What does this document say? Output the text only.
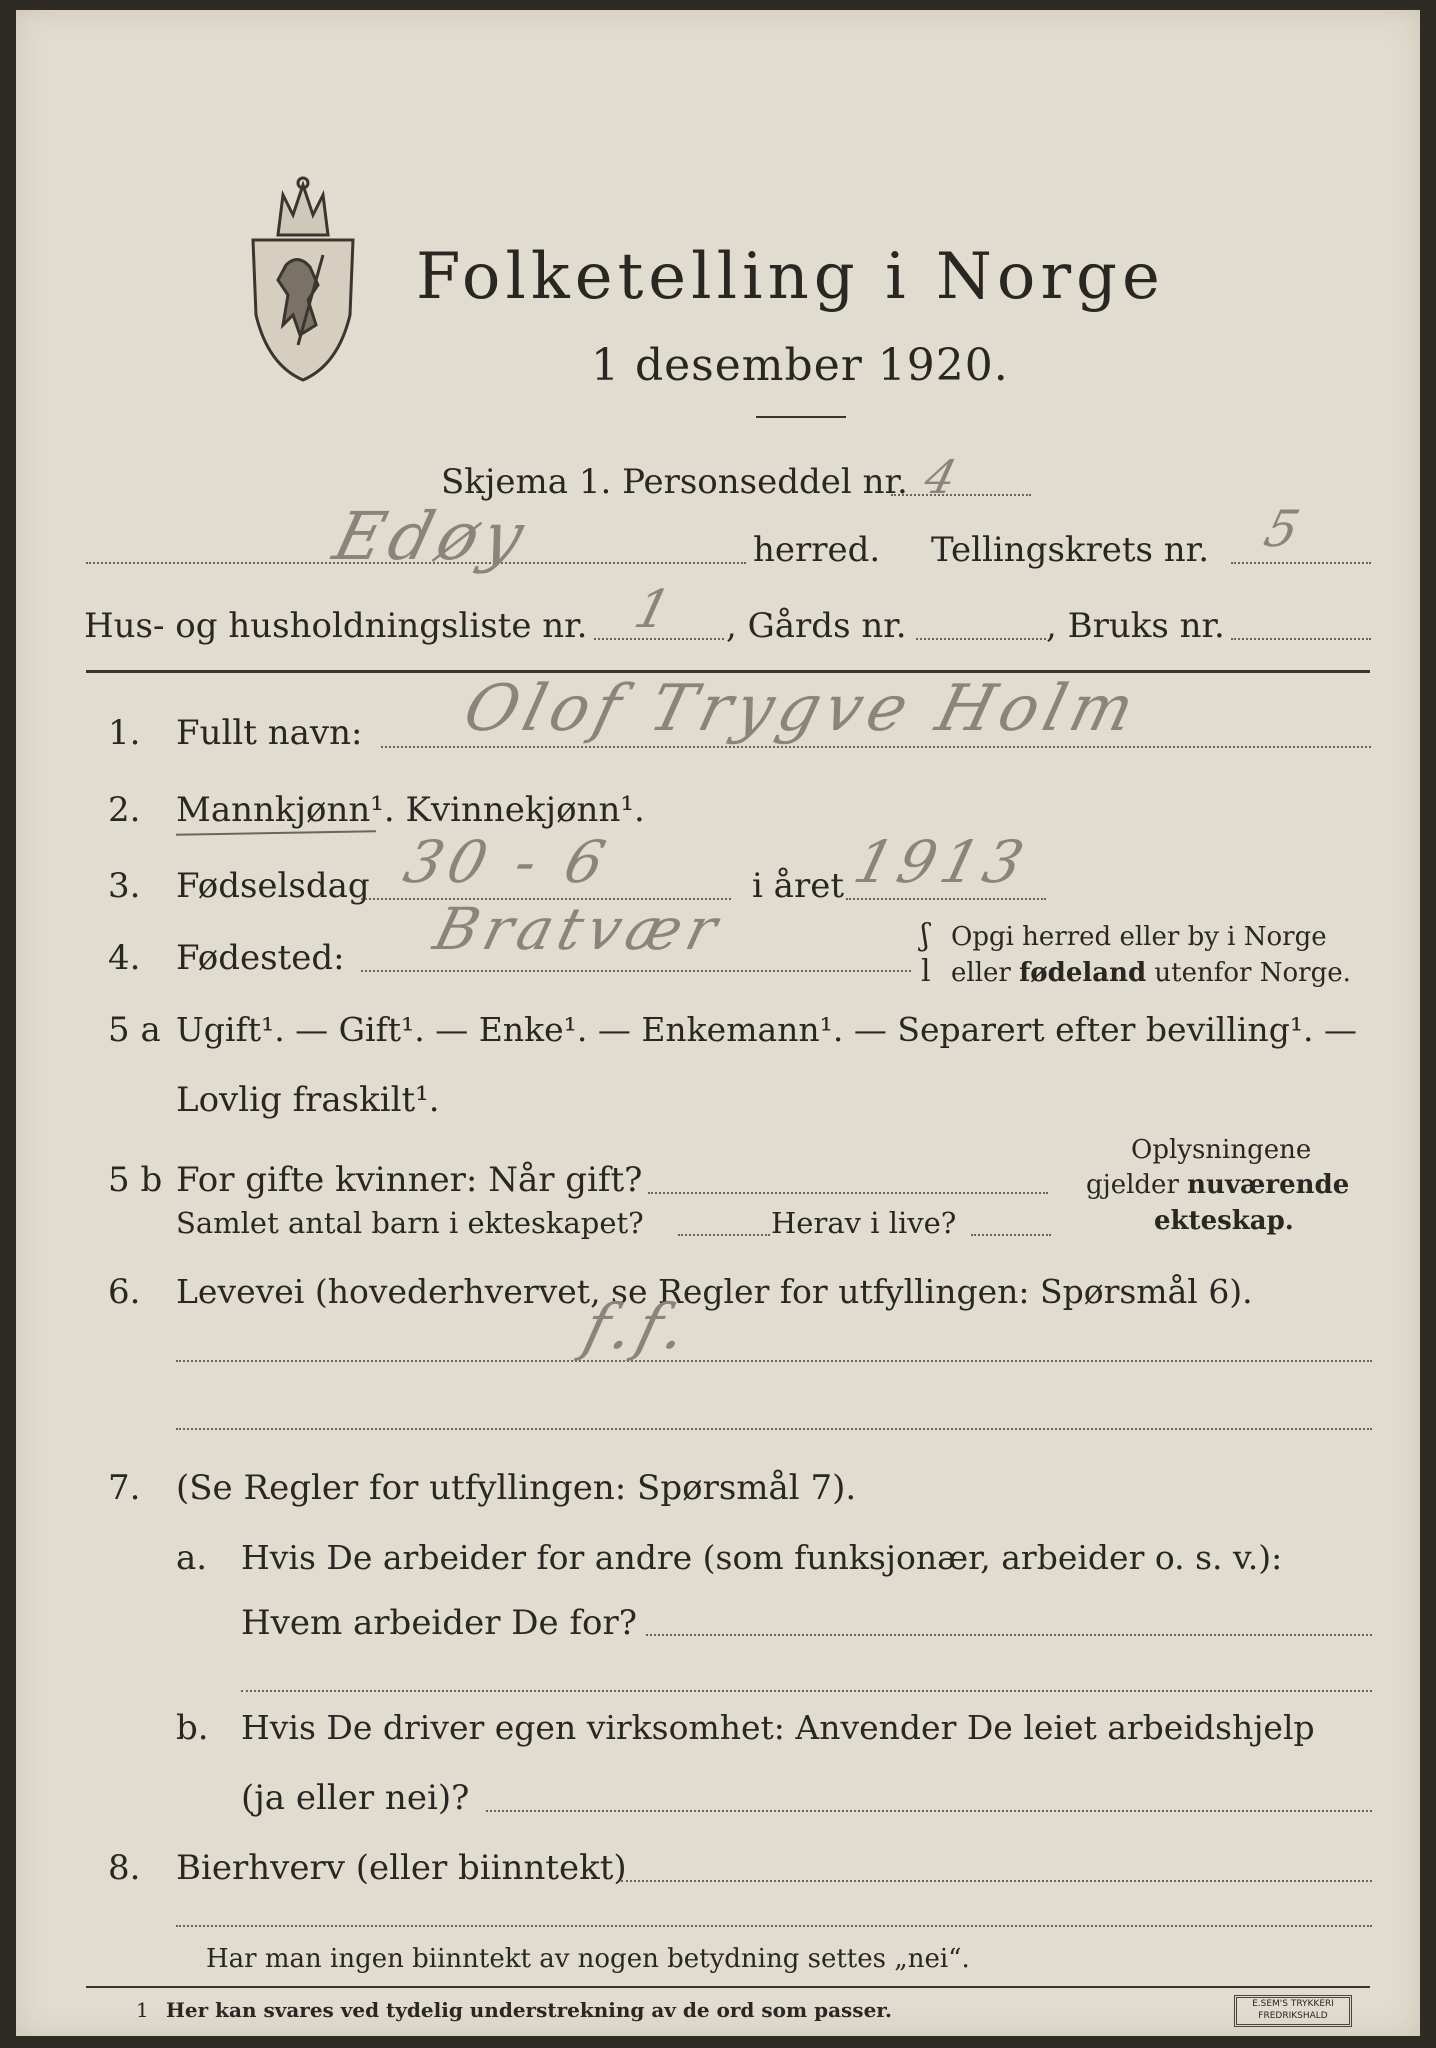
Folketelling i Norge
1 desember 1920.
Skjema 1. Personseddel nr. 4
Edøy	herred. Tellingskrets nr. 5
Hus- og husholdningsliste nr. 1 , Gårds nr.	, Bruks nr.
1. Fullt navn: Olof Trygve Holm
2. Mannkjønn¹. Kvinnekjønn¹.
3. Fødselsdag 30 - 6	i året 1913
4. Fødested: Bratvær	ʃ
l
Opgi herred eller by i Norge
eller fødeland utenfor Norge.
5 a Ugift¹. — Gift¹. — Enke¹. — Enkemann¹. — Separert efter bevilling¹. —
Lovlig fraskilt¹.
5 b For gifte kvinner: Når gift?
Samlet antal barn i ekteskapet?	Herav i live?
Oplysningene
gjelder nuværende
ekteskap.
6. Levevei (hovederhvervet, se Regler for utfyllingen: Spørsmål 6).
f.f.
7. (Se Regler for utfyllingen: Spørsmål 7).
a. Hvis De arbeider for andre (som funksjonær, arbeider o. s. v.):
Hvem arbeider De for?
b. Hvis De driver egen virksomhet: Anvender De leiet arbeidshjelp
(ja eller nei)?
8. Bierhverv (eller biinntekt)
Har man ingen biinntekt av nogen betydning settes „nei“.
1 Her kan svares ved tydelig understrekning av de ord som passer.	E.SEM'S TRYKKERI FREDRIKSHALD
